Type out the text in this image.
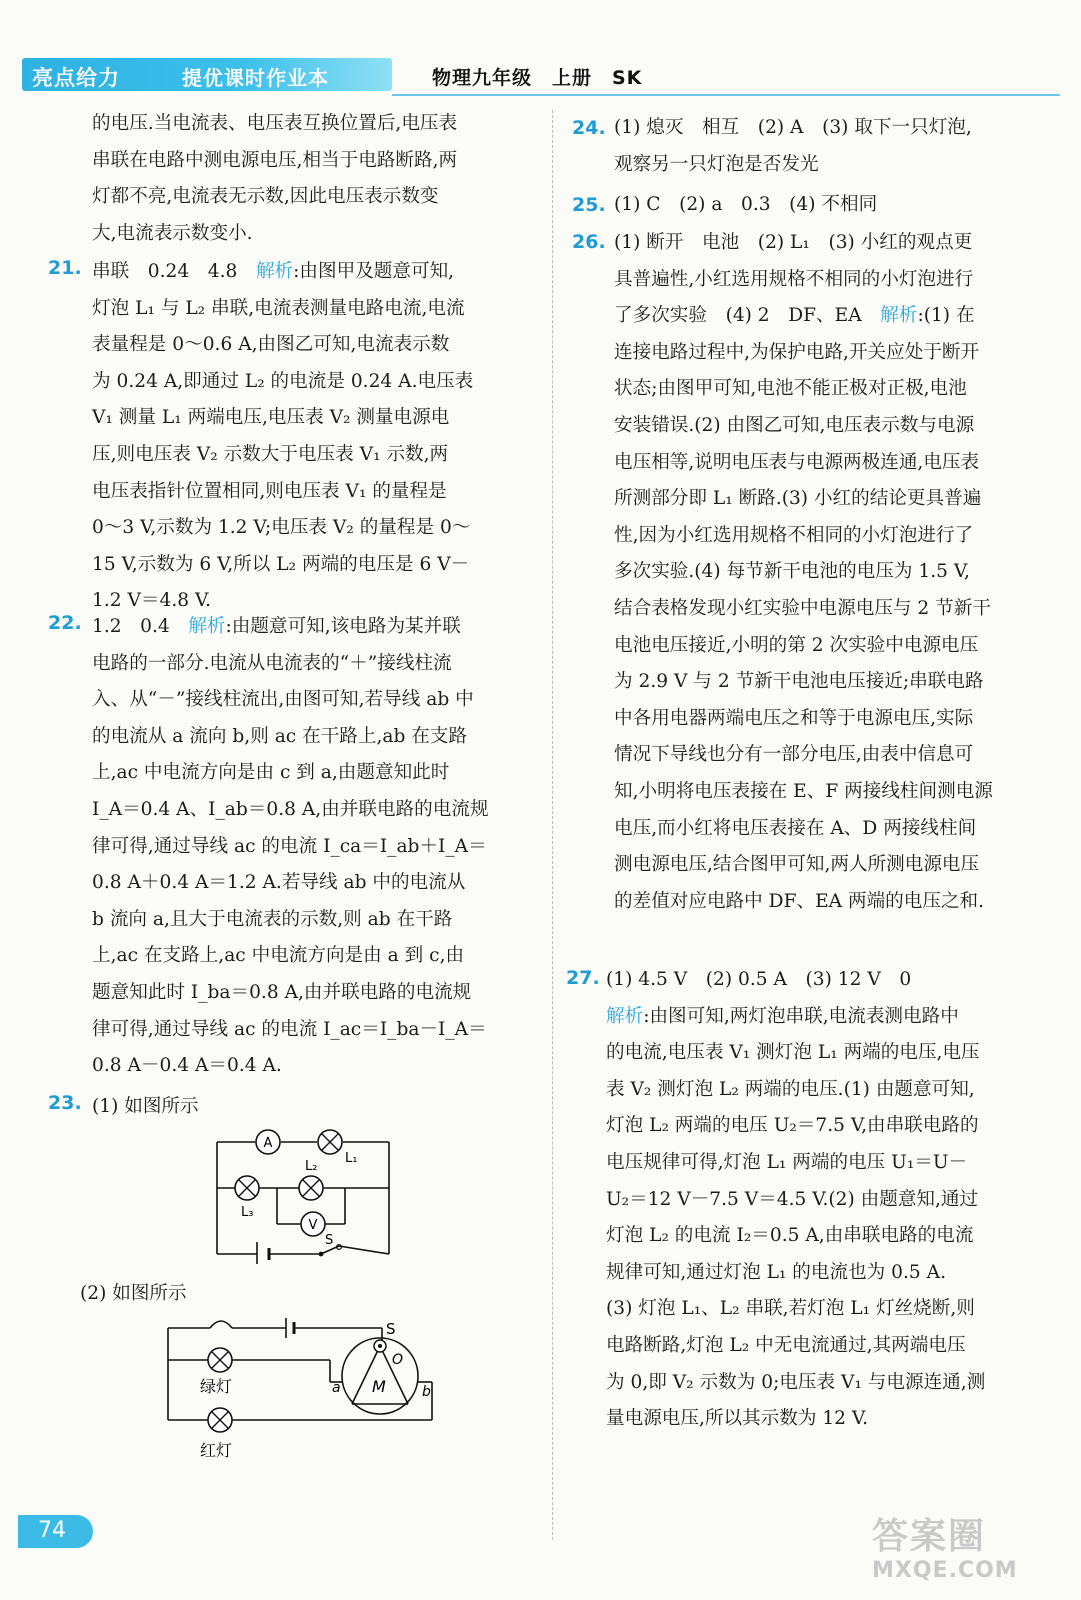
亮点给力	提优课时作业本	物理九年级　上册　SK
的电压.当电流表、电压表互换位置后,电压表
串联在电路中测电源电压,相当于电路断路,两
灯都不亮,电流表无示数,因此电压表示数变
大,电流表示数变小.
21. 串联　0.24　4.8　解析:由图甲及题意可知,
灯泡 L₁ 与 L₂ 串联,电流表测量电路电流,电流
表量程是 0～0.6 A,由图乙可知,电流表示数
为 0.24 A,即通过 L₂ 的电流是 0.24 A.电压表
V₁ 测量 L₁ 两端电压,电压表 V₂ 测量电源电
压,则电压表 V₂ 示数大于电压表 V₁ 示数,两
电压表指针位置相同,则电压表 V₁ 的量程是
0～3 V,示数为 1.2 V;电压表 V₂ 的量程是 0～
15 V,示数为 6 V,所以 L₂ 两端的电压是 6 V－
1.2 V＝4.8 V.
22. 1.2　0.4　解析:由题意可知,该电路为某并联
电路的一部分.电流从电流表的“＋”接线柱流
入、从“－”接线柱流出,由图可知,若导线 ab 中
的电流从 a 流向 b,则 ac 在干路上,ab 在支路
上,ac 中电流方向是由 c 到 a,由题意知此时
I_A＝0.4 A、I_ab＝0.8 A,由并联电路的电流规
律可得,通过导线 ac 的电流 I_ca＝I_ab＋I_A＝
0.8 A＋0.4 A＝1.2 A.若导线 ab 中的电流从
b 流向 a,且大于电流表的示数,则 ab 在干路
上,ac 在支路上,ac 中电流方向是由 a 到 c,由
题意知此时 I_ba＝0.8 A,由并联电路的电流规
律可得,通过导线 ac 的电流 I_ac＝I_ba－I_A＝
0.8 A－0.4 A＝0.4 A.
23. (1) 如图所示
A
L₁
L₃
L₂
V
S
(2) 如图所示
S
O
M
a	b
绿灯
红灯
24. (1) 熄灭　相互　(2) A　(3) 取下一只灯泡,
观察另一只灯泡是否发光
25. (1) C　(2) a　0.3　(4) 不相同
26. (1) 断开　电池　(2) L₁　(3) 小红的观点更
具普遍性,小红选用规格不相同的小灯泡进行
了多次实验　(4) 2　DF、EA　解析:(1) 在
连接电路过程中,为保护电路,开关应处于断开
状态;由图甲可知,电池不能正极对正极,电池
安装错误.(2) 由图乙可知,电压表示数与电源
电压相等,说明电压表与电源两极连通,电压表
所测部分即 L₁ 断路.(3) 小红的结论更具普遍
性,因为小红选用规格不相同的小灯泡进行了
多次实验.(4) 每节新干电池的电压为 1.5 V,
结合表格发现小红实验中电源电压与 2 节新干
电池电压接近,小明的第 2 次实验中电源电压
为 2.9 V 与 2 节新干电池电压接近;串联电路
中各用电器两端电压之和等于电源电压,实际
情况下导线也分有一部分电压,由表中信息可
知,小明将电压表接在 E、F 两接线柱间测电源
电压,而小红将电压表接在 A、D 两接线柱间
测电源电压,结合图甲可知,两人所测电源电压
的差值对应电路中 DF、EA 两端的电压之和.
27. (1) 4.5 V　(2) 0.5 A　(3) 12 V　0
解析:由图可知,两灯泡串联,电流表测电路中
的电流,电压表 V₁ 测灯泡 L₁ 两端的电压,电压
表 V₂ 测灯泡 L₂ 两端的电压.(1) 由题意可知,
灯泡 L₂ 两端的电压 U₂＝7.5 V,由串联电路的
电压规律可得,灯泡 L₁ 两端的电压 U₁＝U－
U₂＝12 V－7.5 V＝4.5 V.(2) 由题意知,通过
灯泡 L₂ 的电流 I₂＝0.5 A,由串联电路的电流
规律可知,通过灯泡 L₁ 的电流也为 0.5 A.
(3) 灯泡 L₁、L₂ 串联,若灯泡 L₁ 灯丝烧断,则
电路断路,灯泡 L₂ 中无电流通过,其两端电压
为 0,即 V₂ 示数为 0;电压表 V₁ 与电源连通,测
量电源电压,所以其示数为 12 V.
74	答案圈
MXQE.COM
